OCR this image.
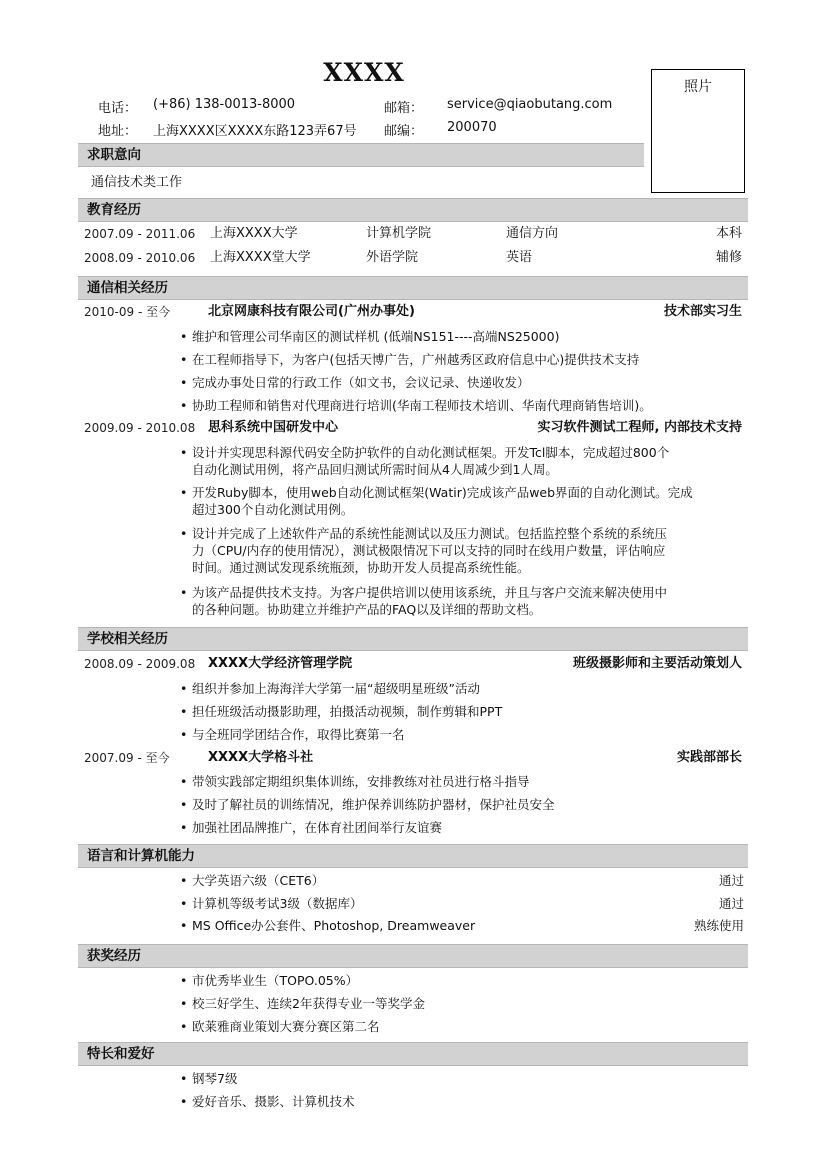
XXXX	照片
电话： (+86) 138-0013-8000	邮箱： service@qiaobutang.com
地址： 上海XXXX区XXXX东路123弄67号 邮编： 200070
求职意向
通信技术类工作
教育经历
2007.09 - 2011.06 上海XXXX大学	计算机学院	通信方向	本科
2008.09 - 2010.06 上海XXXX堂大学	外语学院	英语	辅修
通信相关经历
2010-09 - 至今	北京网康科技有限公司(广州办事处)	技术部实习生
• 维护和管理公司华南区的测试样机 (低端NS151----高端NS25000)
• 在工程师指导下，为客户(包括天博广告，广州越秀区政府信息中心)提供技术支持
• 完成办事处日常的行政工作（如文书，会议记录、快递收发）
• 协助工程师和销售对代理商进行培训(华南工程师技术培训、华南代理商销售培训)。
2009.09 - 2010.08 思科系统中国研发中心	实习软件测试工程师, 内部技术支持
• 设计并实现思科源代码安全防护软件的自动化测试框架。开发Tcl脚本，完成超过800个
自动化测试用例，将产品回归测试所需时间从4人周减少到1人周。
• 开发Ruby脚本，使用web自动化测试框架(Watir)完成该产品web界面的自动化测试。完成
超过300个自动化测试用例。
• 设计并完成了上述软件产品的系统性能测试以及压力测试。包括监控整个系统的系统压
力（CPU/内存的使用情况），测试极限情况下可以支持的同时在线用户数量，评估响应
时间。通过测试发现系统瓶颈，协助开发人员提高系统性能。
• 为该产品提供技术支持。为客户提供培训以使用该系统，并且与客户交流来解决使用中
的各种问题。协助建立并维护产品的FAQ以及详细的帮助文档。
学校相关经历
2008.09 - 2009.08 XXXX大学经济管理学院	班级摄影师和主要活动策划人
• 组织并参加上海海洋大学第一届“超级明星班级”活动
• 担任班级活动摄影助理，拍摄活动视频，制作剪辑和PPT
• 与全班同学团结合作，取得比赛第一名
2007.09 - 至今	XXXX大学格斗社	实践部部长
• 带领实践部定期组织集体训练，安排教练对社员进行格斗指导
• 及时了解社员的训练情况，维护保养训练防护器材，保护社员安全
• 加强社团品牌推广，在体育社团间举行友谊赛
语言和计算机能力
• 大学英语六级（CET6）	通过
• 计算机等级考试3级（数据库）	通过
• MS Office办公套件、Photoshop, Dreamweaver	熟练使用
获奖经历
• 市优秀毕业生（TOPO.05%）
• 校三好学生、连续2年获得专业一等奖学金
• 欧莱雅商业策划大赛分赛区第二名
特长和爱好
• 钢琴7级
• 爱好音乐、摄影、计算机技术
